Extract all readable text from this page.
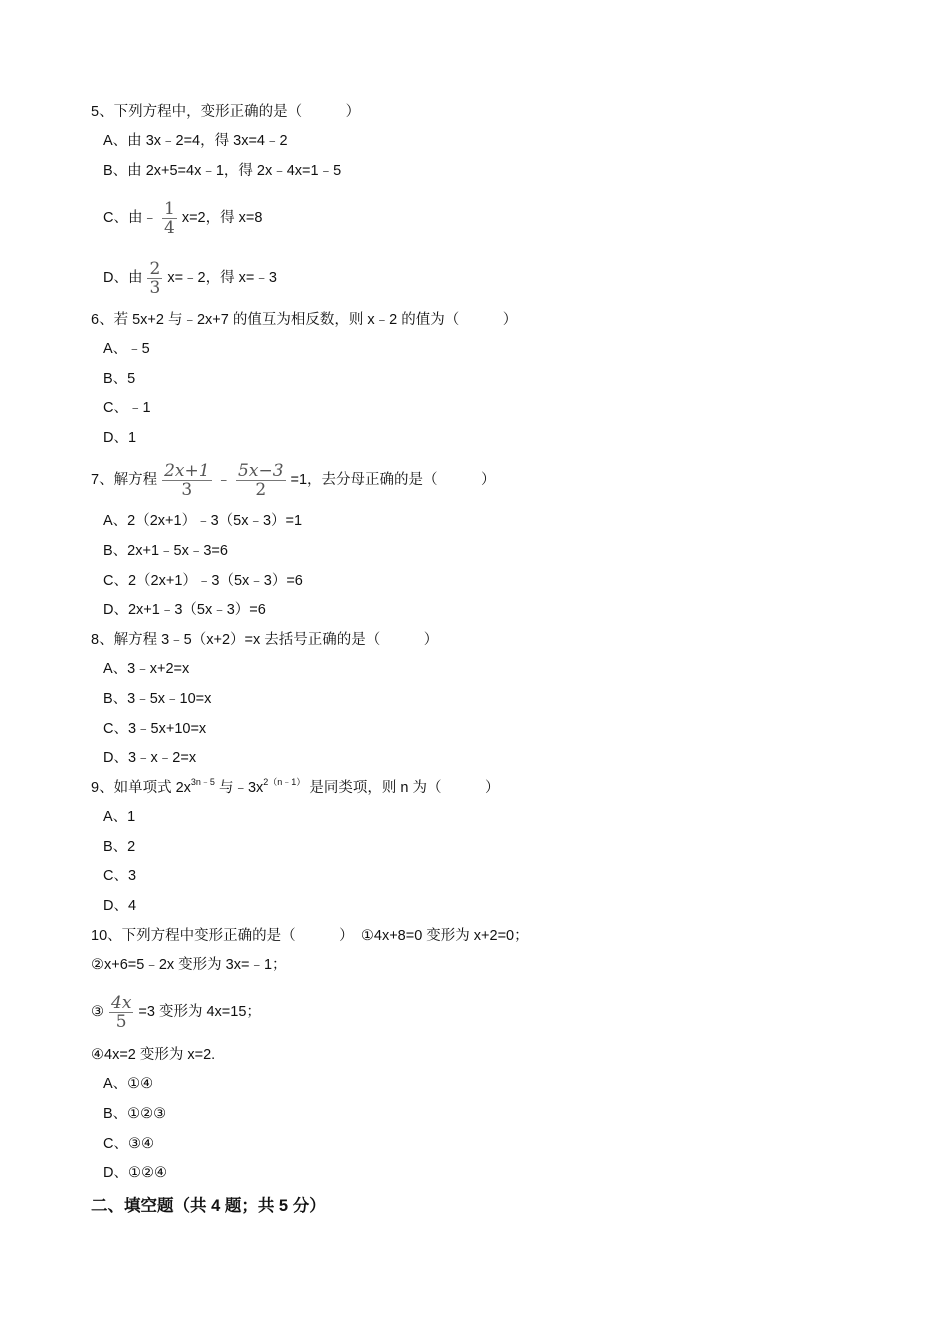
5、下列方程中，变形正确的是（　　　）
A、由 3x﹣2=4，得 3x=4﹣2
B、由 2x+5=4x﹣1，得 2x﹣4x=1﹣5
C、由﹣ $\frac{1}{4} x=2$，得 x=8
D、由 $\frac{2}{3}$ x=﹣2，得 x=﹣3
6、若 5x+2 与﹣2x+7 的值互为相反数，则 x﹣2 的值为（　　　）
A、﹣5
B、5
C、﹣1
D、1
7、解方程 $\frac{2x+1}{3}$ ﹣ $\frac{5x-3}{2} =1$，去分母正确的是（　　　）
A、2（2x+1）﹣3（5x﹣3）=1
B、2x+1﹣5x﹣3=6
C、2（2x+1）﹣3（5x﹣3）=6
D、2x+1﹣3（5x﹣3）=6
8、解方程 3﹣5（x+2）=x 去括号正确的是（　　　）
A、3﹣x+2=x
B、3﹣5x﹣10=x
C、3﹣5x+10=x
D、3﹣x﹣2=x
9、如单项式 $2x^{3n﹣5}$ 与$﹣3x^{2(n﹣1)}$ 是同类项，则 n 为（　　　）
A、1
B、2
C、3
D、4
10、下列方程中变形正确的是（　　　）　①4x+8=0 变形为 x+2=0；
②x+6=5﹣2x 变形为 3x=﹣1；
③ $\frac{4x}{5} =3$ 变形为 4x=15；
④4x=2 变形为 x=2.
A、①④
B、①②③
C、③④
D、①②④
二、填空题（共 4 题；共 5 分）
